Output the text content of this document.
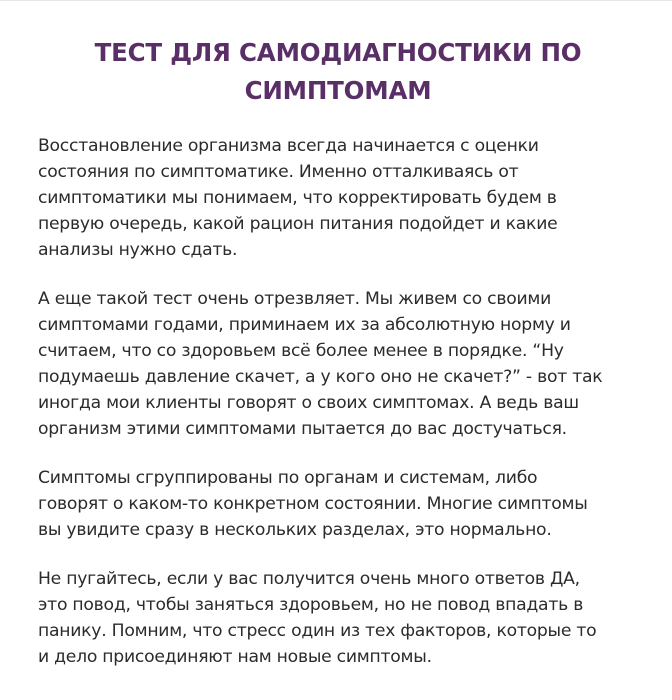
ТЕСТ ДЛЯ САМОДИАГНОСТИКИ ПО
СИМПТОМАМ

Восстановление организма всегда начинается с оценки
состояния по симптоматике. Именно отталкиваясь от
симптоматики мы понимаем, что корректировать будем в
первую очередь, какой рацион питания подойдет и какие
анализы нужно сдать.

А еще такой тест очень отрезвляет. Мы живем со своими
симптомами годами, приминаем их за абсолютную норму и
считаем, что со здоровьем всё более менее в порядке. “Ну
подумаешь давление скачет, а у кого оно не скачет?” - вот так
иногда мои клиенты говорят о своих симптомах. А ведь ваш
организм этими симптомами пытается до вас достучаться.

Симптомы сгруппированы по органам и системам, либо
говорят о каком-то конкретном состоянии. Многие симптомы
вы увидите сразу в нескольких разделах, это нормально.

Не пугайтесь, если у вас получится очень много ответов ДА,
это повод, чтобы заняться здоровьем, но не повод впадать в
панику. Помним, что стресс один из тех факторов, которые то
и дело присоединяют нам новые симптомы.
